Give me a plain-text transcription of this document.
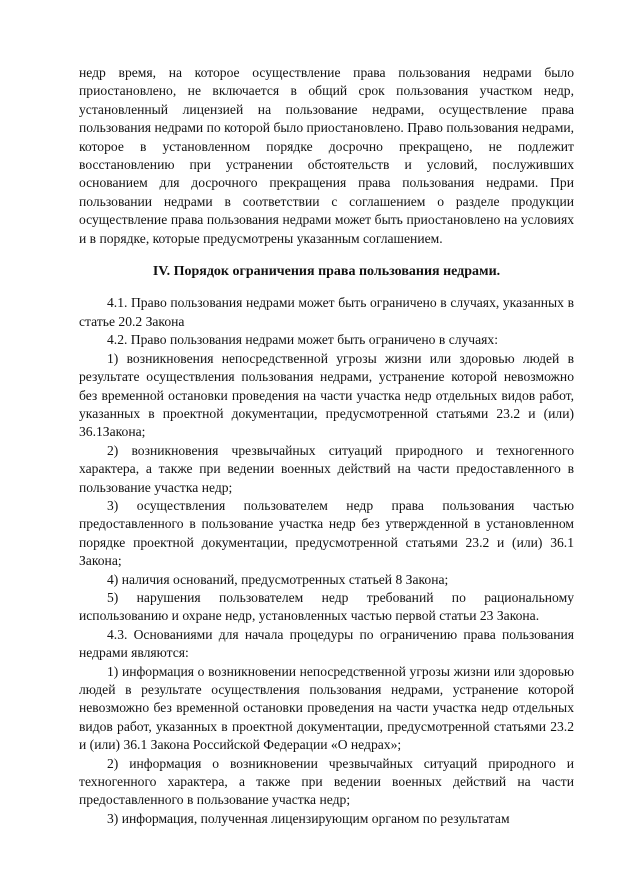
недр время, на которое осуществление права пользования недрами было приостановлено, не включается в общий срок пользования участком недр, установленный лицензией на пользование недрами, осуществление права пользования недрами по которой было приостановлено. Право пользования недрами, которое в установленном порядке досрочно прекращено, не подлежит восстановлению при устранении обстоятельств и условий, послуживших основанием для досрочного прекращения права пользования недрами. При пользовании недрами в соответствии с соглашением о разделе продукции осуществление права пользования недрами может быть приостановлено на условиях и в порядке, которые предусмотрены указанным соглашением.

IV. Порядок ограничения права пользования недрами.

4.1. Право пользования недрами может быть ограничено в случаях, указанных в статье 20.2 Закона

4.2. Право пользования недрами может быть ограничено в случаях:

1) возникновения непосредственной угрозы жизни или здоровью людей в результате осуществления пользования недрами, устранение которой невозможно без временной остановки проведения на части участка недр отдельных видов работ, указанных в проектной документации, предусмотренной статьями 23.2 и (или) 36.1Закона;

2) возникновения чрезвычайных ситуаций природного и техногенного характера, а также при ведении военных действий на части предоставленного в пользование участка недр;

3) осуществления пользователем недр права пользования частью предоставленного в пользование участка недр без утвержденной в установленном порядке проектной документации, предусмотренной статьями 23.2 и (или) 36.1 Закона;

4) наличия оснований, предусмотренных статьей 8 Закона;

5) нарушения пользователем недр требований по рациональному использованию и охране недр, установленных частью первой статьи 23 Закона.

4.3. Основаниями для начала процедуры по ограничению права пользования недрами являются:

1) информация о возникновении непосредственной угрозы жизни или здоровью людей в результате осуществления пользования недрами, устранение которой невозможно без временной остановки проведения на части участка недр отдельных видов работ, указанных в проектной документации, предусмотренной статьями 23.2 и (или) 36.1 Закона Российской Федерации «О недрах»;

2) информация о возникновении чрезвычайных ситуаций природного и техногенного характера, а также при ведении военных действий на части предоставленного в пользование участка недр;

3) информация, полученная лицензирующим органом по результатам
